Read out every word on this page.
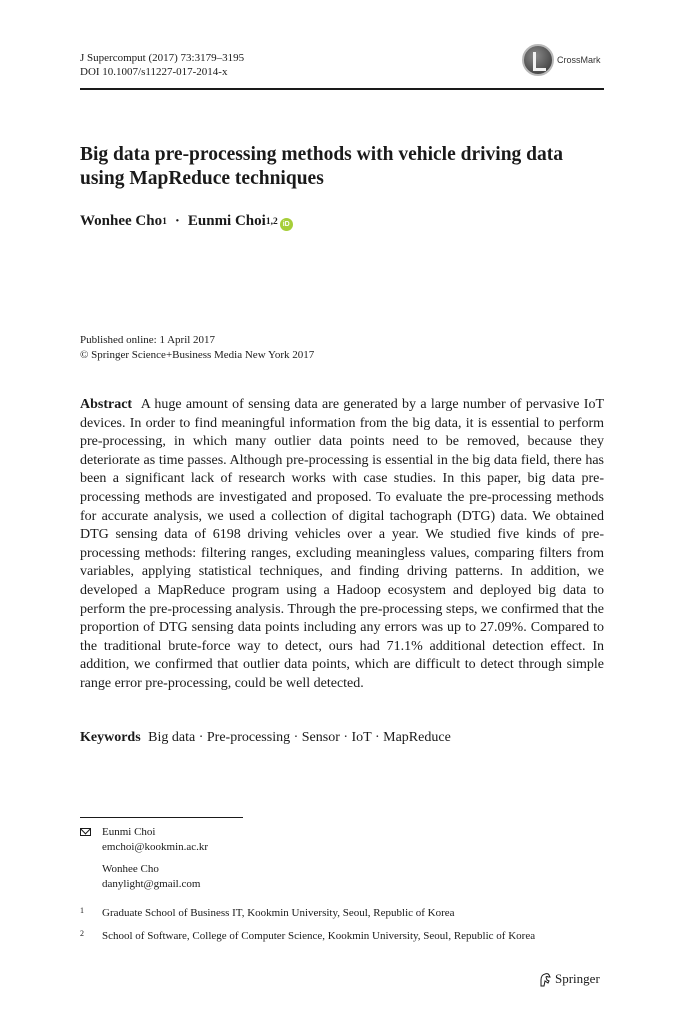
J Supercomput (2017) 73:3179–3195
DOI 10.1007/s11227-017-2014-x
CrossMark
Big data pre-processing methods with vehicle driving data using MapReduce techniques
Wonhee Cho 1 · Eunmi Choi 1,2 iD
Published online: 1 April 2017
© Springer Science+Business Media New York 2017
Abstract A huge amount of sensing data are generated by a large number of pervasive IoT devices. In order to find meaningful information from the big data, it is essential to perform pre-processing, in which many outlier data points need to be removed, because they deteriorate as time passes. Although pre-processing is essential in the big data field, there has been a significant lack of research works with case studies. In this paper, big data pre-processing methods are investigated and proposed. To evaluate the pre-processing methods for accurate analysis, we used a collection of digital tachograph (DTG) data. We obtained DTG sensing data of 6198 driving vehicles over a year. We studied five kinds of pre-processing methods: filtering ranges, excluding meaningless values, comparing filters from variables, applying statistical techniques, and finding driving patterns. In addition, we developed a MapReduce program using a Hadoop ecosystem and deployed big data to perform the pre-processing analysis. Through the pre-processing steps, we confirmed that the proportion of DTG sensing data points including any errors was up to 27.09%. Compared to the traditional brute-force way to detect, ours had 71.1% additional detection effect. In addition, we confirmed that outlier data points, which are difficult to detect through simple range error pre-processing, could be well detected.
Keywords Big data · Pre-processing · Sensor · IoT · MapReduce
Eunmi Choi
emchoi@kookmin.ac.kr
Wonhee Cho
danylight@gmail.com
1	Graduate School of Business IT, Kookmin University, Seoul, Republic of Korea
2	School of Software, College of Computer Science, Kookmin University, Seoul, Republic of Korea
Springer
